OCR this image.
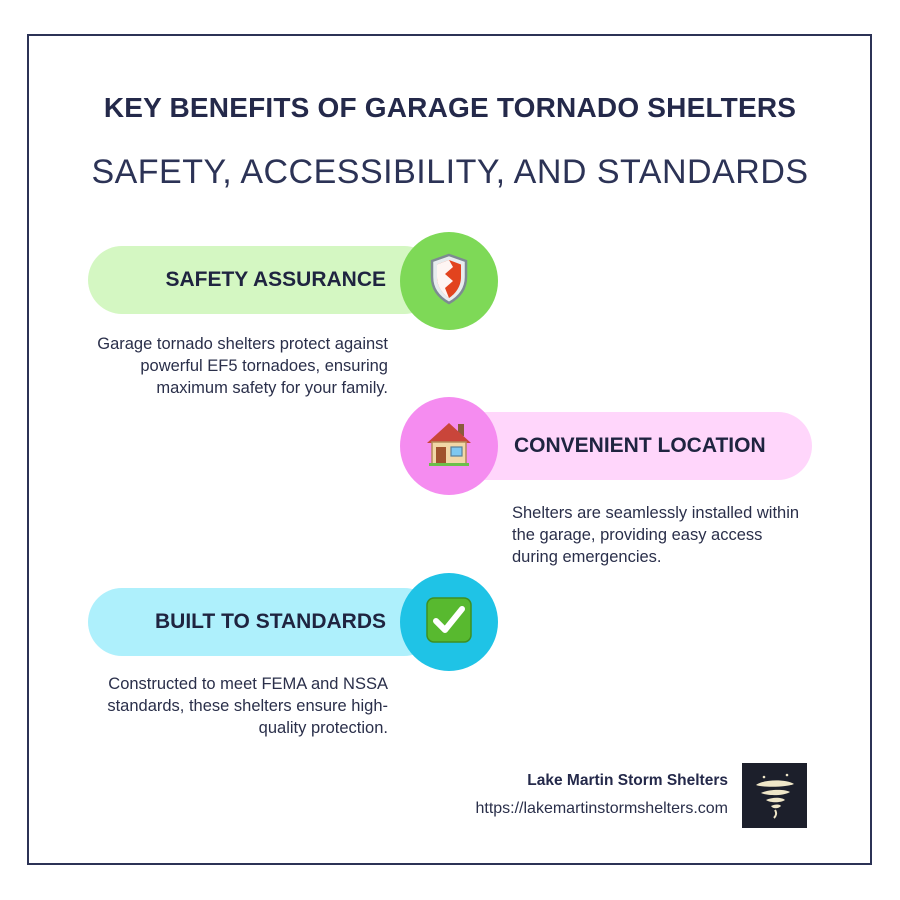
KEY BENEFITS OF GARAGE TORNADO SHELTERS
SAFETY, ACCESSIBILITY, AND STANDARDS
SAFETY ASSURANCE
Garage tornado shelters protect against powerful EF5 tornadoes, ensuring maximum safety for your family.
CONVENIENT LOCATION
Shelters are seamlessly installed within the garage, providing easy access during emergencies.
BUILT TO STANDARDS
Constructed to meet FEMA and NSSA standards, these shelters ensure high-quality protection.
Lake Martin Storm Shelters
https://lakemartinstormshelters.com
